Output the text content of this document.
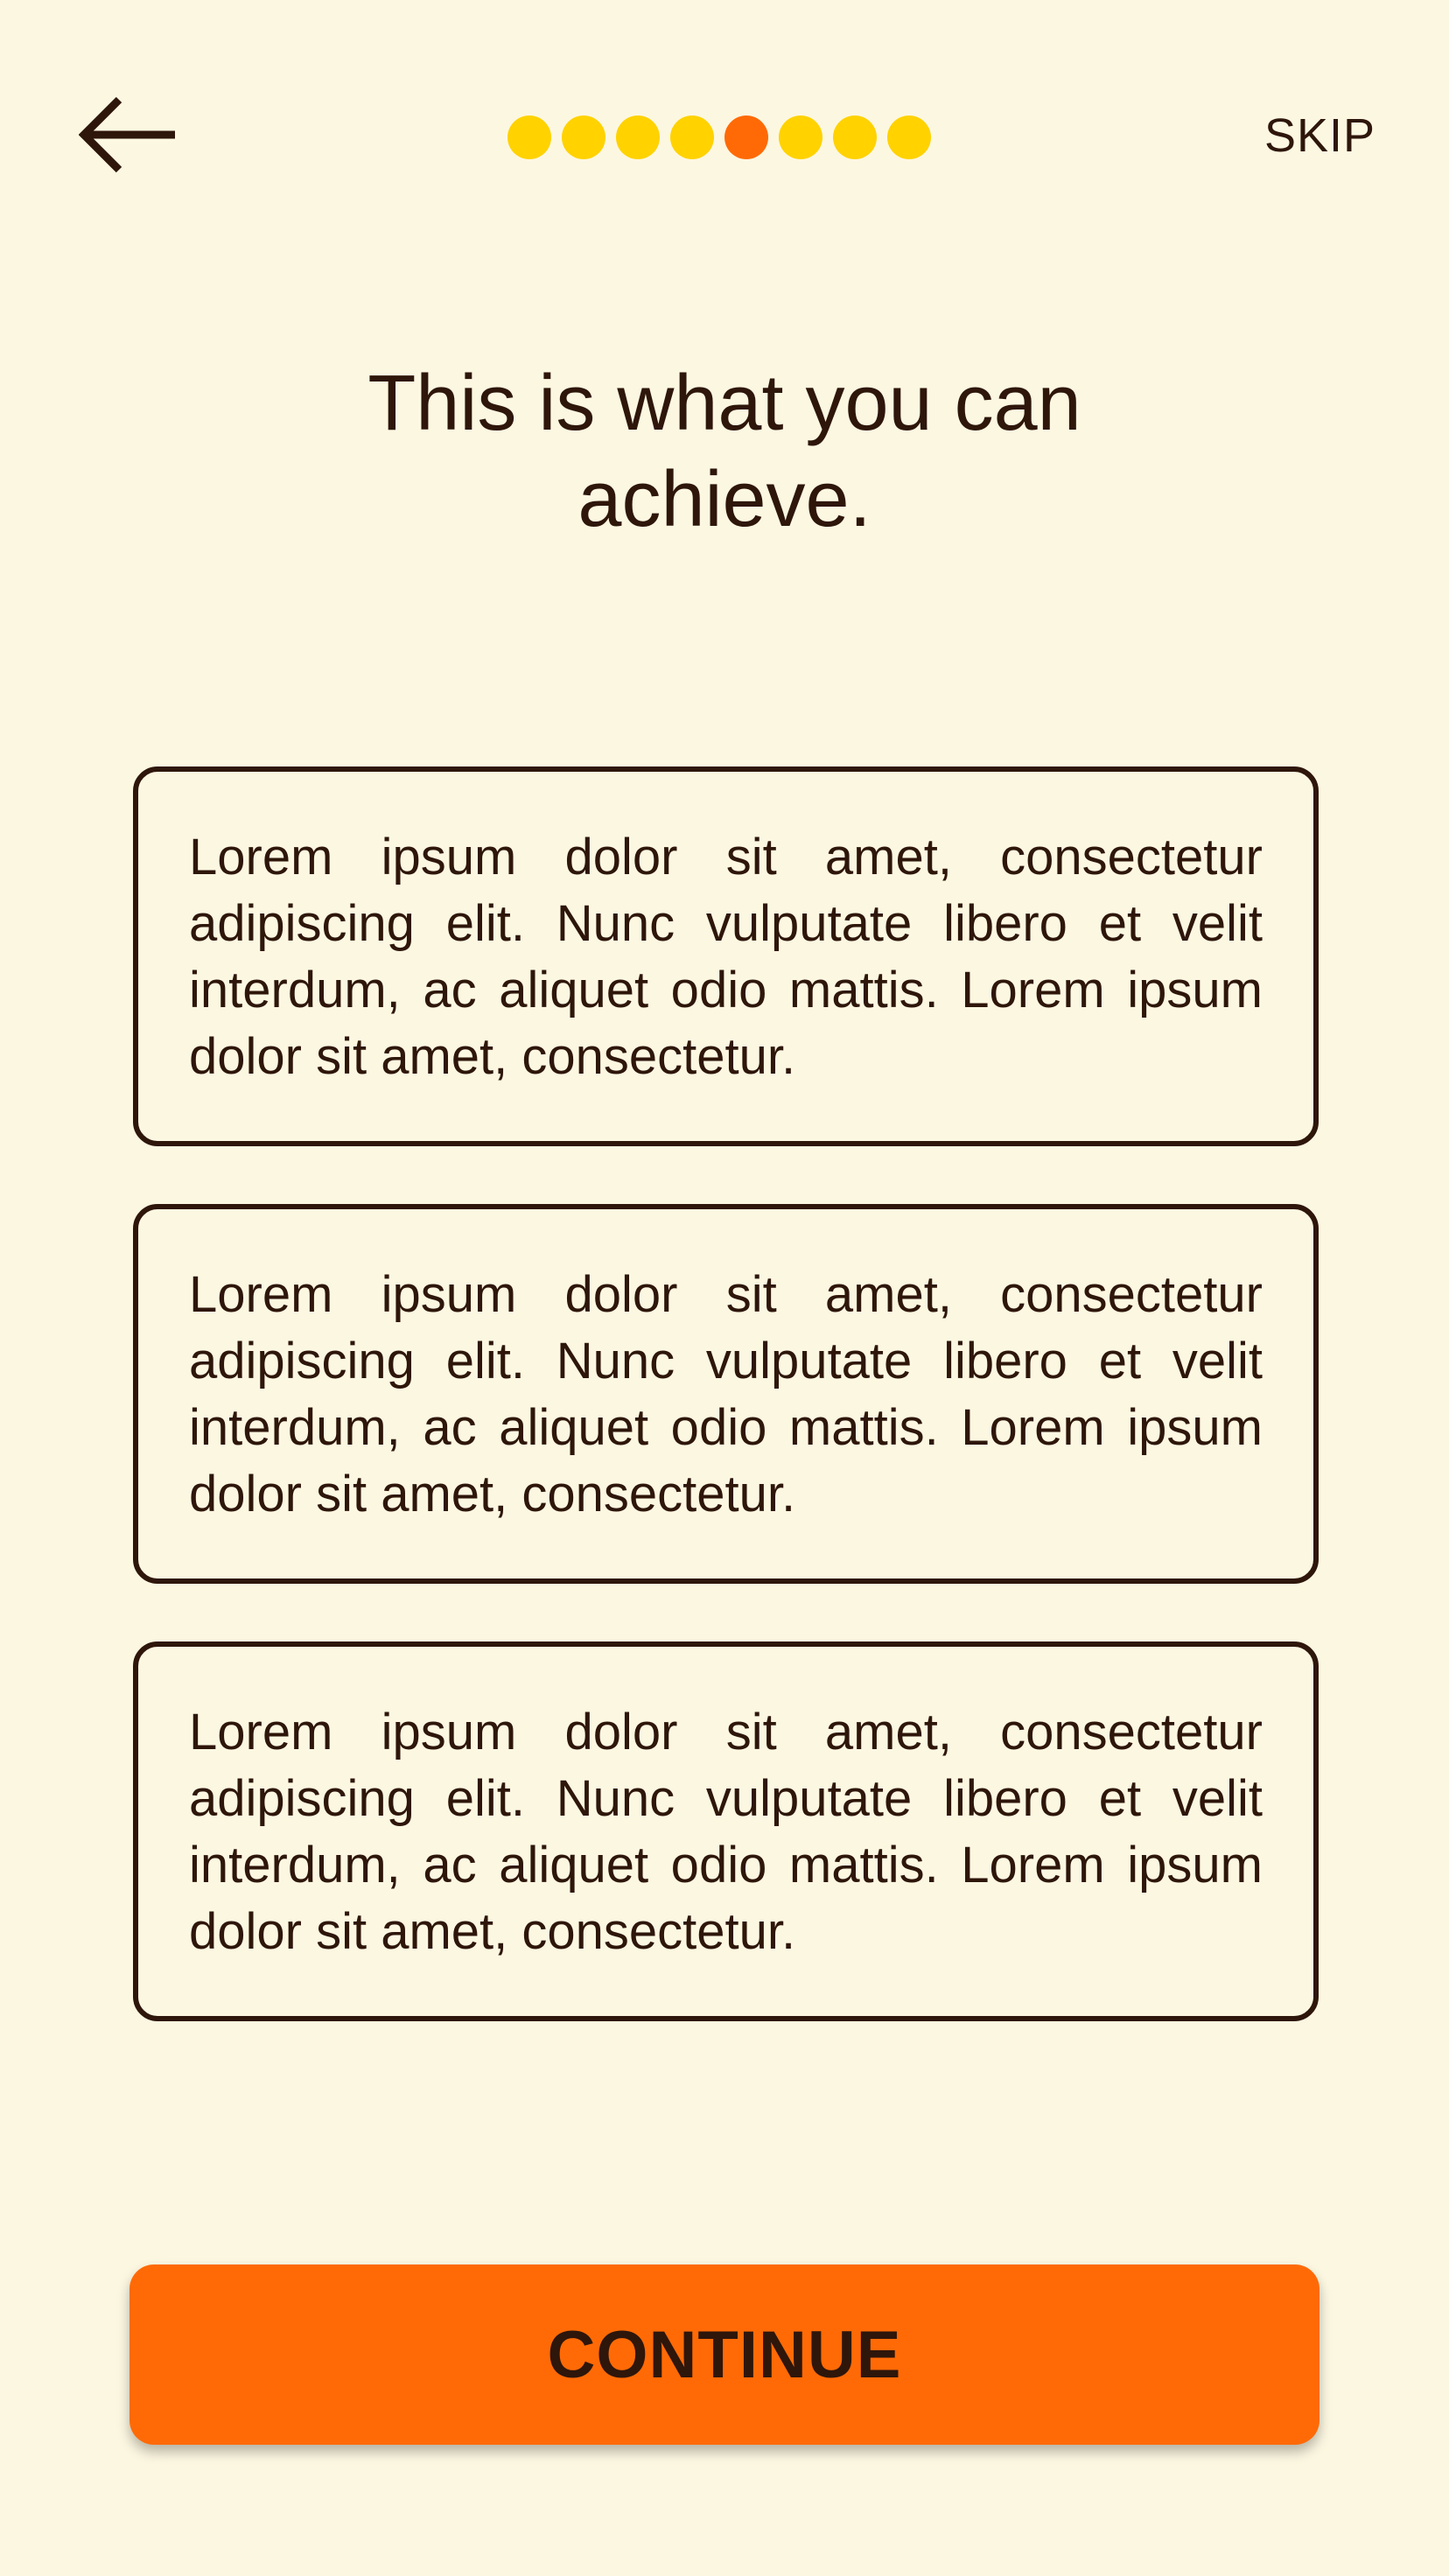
SKIP
This is what you can
achieve.

Lorem ipsum dolor sit amet, consectetur adipiscing elit. Nunc vulputate libero et velit interdum, ac aliquet odio mattis. Lorem ipsum dolor sit amet, consectetur.

Lorem ipsum dolor sit amet, consectetur adipiscing elit. Nunc vulputate libero et velit interdum, ac aliquet odio mattis. Lorem ipsum dolor sit amet, consectetur.

Lorem ipsum dolor sit amet, consectetur adipiscing elit. Nunc vulputate libero et velit interdum, ac aliquet odio mattis. Lorem ipsum dolor sit amet, consectetur.

CONTINUE
